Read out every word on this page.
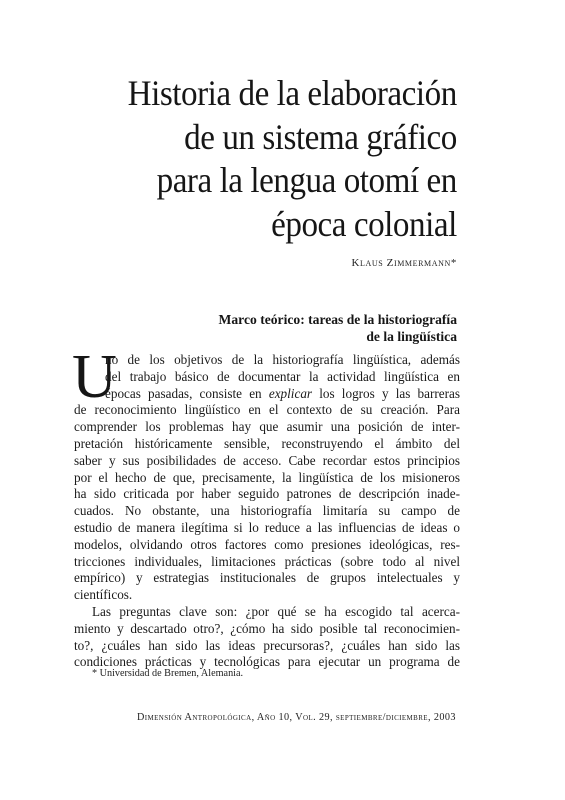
Historia de la elaboración
de un sistema gráfico
para la lengua otomí en
época colonial
Klaus Zimmermann*
Marco teórico: tareas de la historiografía
de la lingüística
U
no de los objetivos de la historiografía lingüística, además
del trabajo básico de documentar la actividad lingüística en
épocas pasadas, consiste en explicar los logros y las barreras
de reconocimiento lingüístico en el contexto de su creación. Para
comprender los problemas hay que asumir una posición de inter-
pretación históricamente sensible, reconstruyendo el ámbito del
saber y sus posibilidades de acceso. Cabe recordar estos principios
por el hecho de que, precisamente, la lingüística de los misioneros
ha sido criticada por haber seguido patrones de descripción inade-
cuados. No obstante, una historiografía limitaría su campo de
estudio de manera ilegítima si lo reduce a las influencias de ideas o
modelos, olvidando otros factores como presiones ideológicas, res-
tricciones individuales, limitaciones prácticas (sobre todo al nivel
empírico) y estrategias institucionales de grupos intelectuales y
científicos.
Las preguntas clave son: ¿por qué se ha escogido tal acerca-
miento y descartado otro?, ¿cómo ha sido posible tal reconocimien-
to?, ¿cuáles han sido las ideas precursoras?, ¿cuáles han sido las
condiciones prácticas y tecnológicas para ejecutar un programa de
* Universidad de Bremen, Alemania.
Dimensión Antropológica, Año 10, Vol. 29, septiembre/diciembre, 2003
